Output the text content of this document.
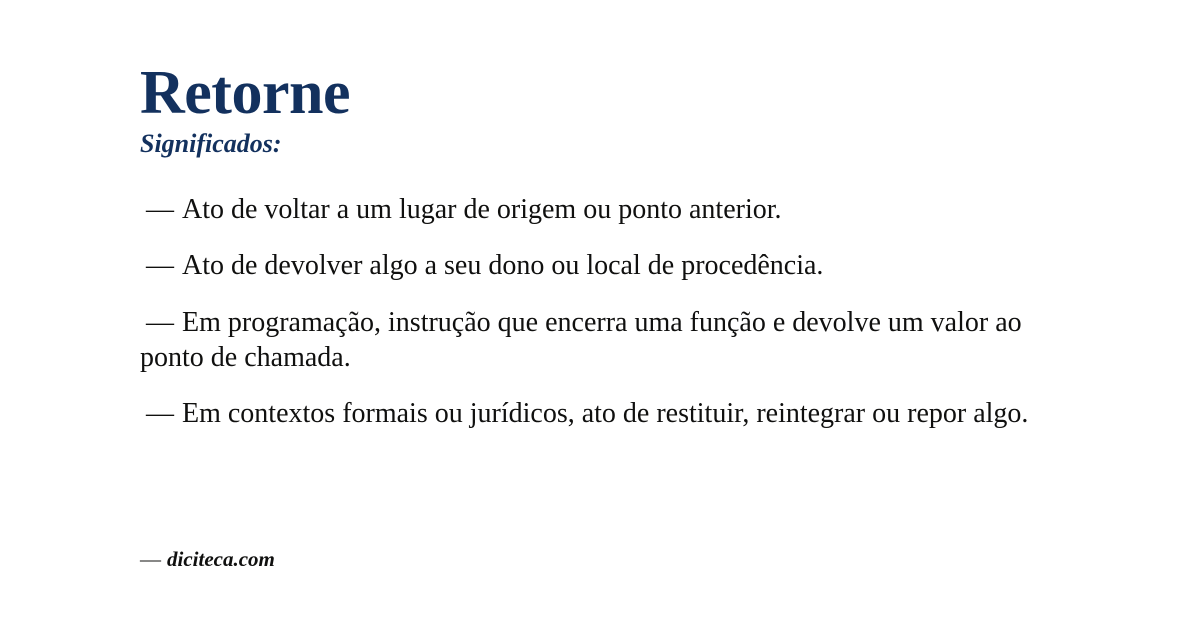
Retorne
Significados:

— Ato de voltar a um lugar de origem ou ponto anterior.

— Ato de devolver algo a seu dono ou local de procedência.

— Em programação, instrução que encerra uma função e devolve um valor ao ponto de chamada.

— Em contextos formais ou jurídicos, ato de restituir, reintegrar ou repor algo.

— diciteca.com
